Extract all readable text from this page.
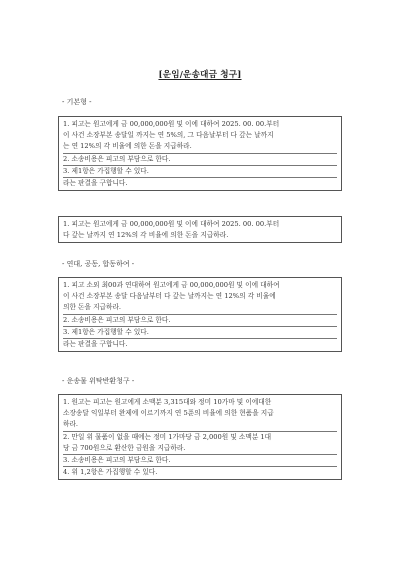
[운임/운송대금 청구]
- 기본형 -
1. 피고는 원고에게 금 00,000,000원 및 이에 대하여 2025. 00. 00.부터
이 사건 소장부본 송달일 까지는 연 5%의, 그 다음날부터 다 갚는 날까지
는 연 12%의 각 비율에 의한 돈을 지급하라.
2. 소송비용은 피고의 부담으로 한다.
3. 제1항은 가집행할 수 있다.
라는 판결을 구합니다.
1. 피고는 원고에게 금 00,000,000원 및 이에 대하여 2025. 00. 00.부터
다 갚는 날까지 연 12%의 각 비율에 의한 돈을 지급하라.
- 연대, 공동, 합동하여 -
1. 피고 소외 최00과 연대하여 원고에게 금 00,000,000원 및 이에 대하여
이 사건 소장부본 송달 다음날부터 다 갚는 날까지는 연 12%의 각 비율에
의한 돈을 지급하라.
2. 소송비용은 피고의 부담으로 한다.
3. 제1항은 가집행할 수 있다.
라는 판결을 구합니다.
- 운송물 위탁반환청구 -
1. 원고는 피고는 원고에게 소맥분 3,315대와 정미 10가마 및 이에대한
소장송달 익일부터 완제에 이르기까지 연 5푼의 비율에 의한 현품을 지급
하라.
2. 만일 위 물품이 없을 때에는 정미 1가마당 금 2,000원 및 소맥분 1대
당 금 700원으로 환산한 금원을 지급하라.
3. 소송비용은 피고의 부담으로 한다.
4. 위 1,2항은 가집행할 수 있다.
